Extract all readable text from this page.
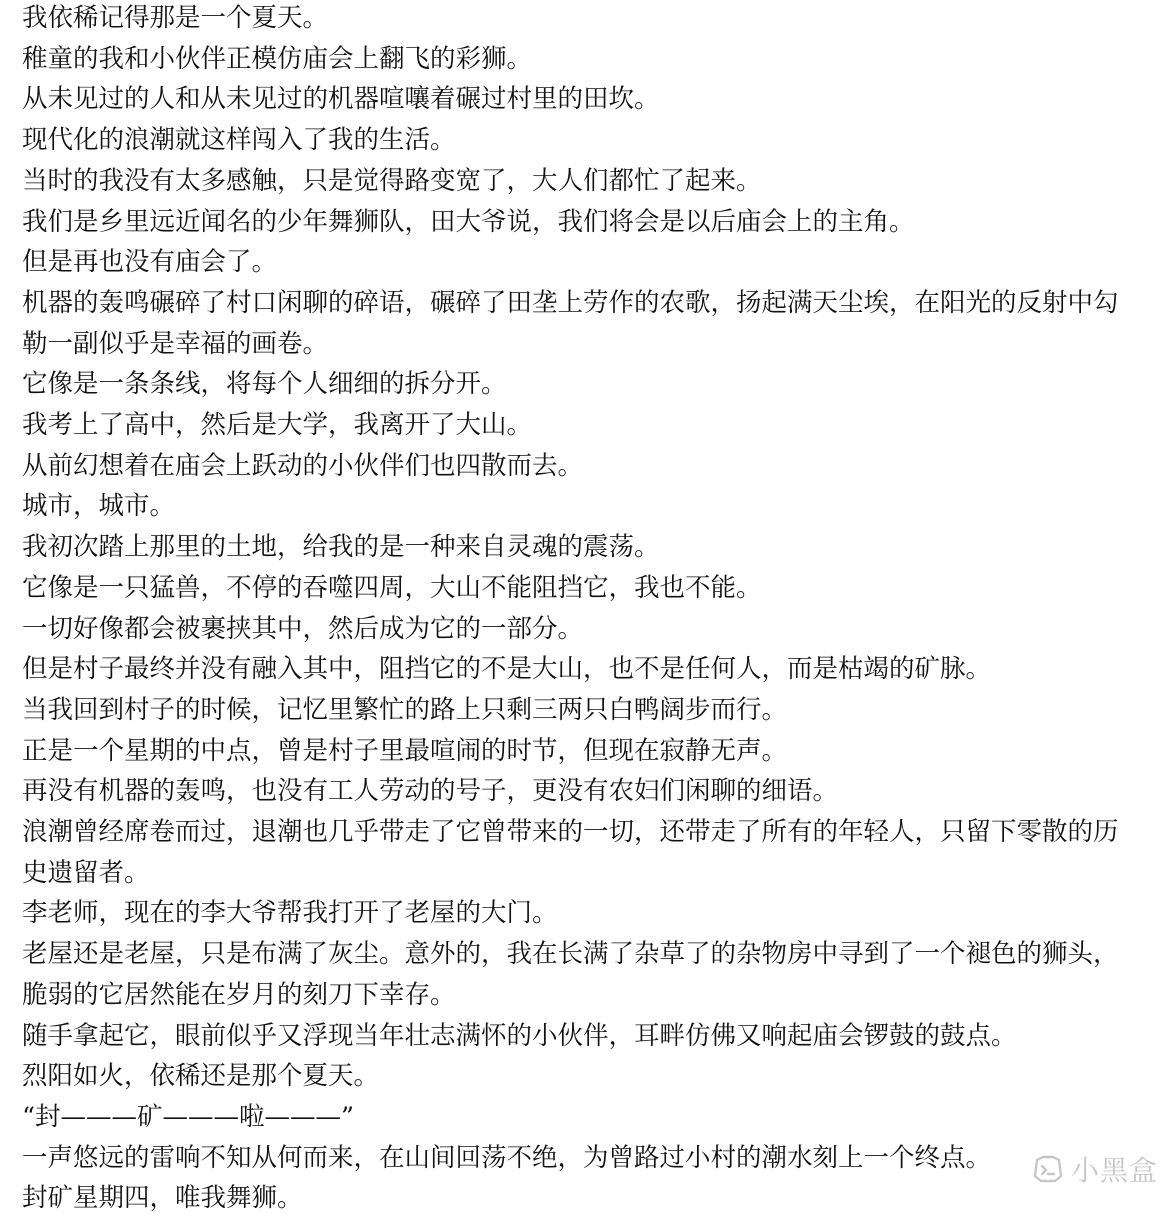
我依稀记得那是一个夏天。

稚童的我和小伙伴正模仿庙会上翻飞的彩狮。

从未见过的人和从未见过的机器喧嚷着碾过村里的田坎。

现代化的浪潮就这样闯入了我的生活。

当时的我没有太多感触，只是觉得路变宽了，大人们都忙了起来。

我们是乡里远近闻名的少年舞狮队，田大爷说，我们将会是以后庙会上的主角。

但是再也没有庙会了。

机器的轰鸣碾碎了村口闲聊的碎语，碾碎了田垄上劳作的农歌，扬起满天尘埃，在阳光的反射中勾勒一副似乎是幸福的画卷。

它像是一条条线，将每个人细细的拆分开。

我考上了高中，然后是大学，我离开了大山。

从前幻想着在庙会上跃动的小伙伴们也四散而去。

城市，城市。

我初次踏上那里的土地，给我的是一种来自灵魂的震荡。

它像是一只猛兽，不停的吞噬四周，大山不能阻挡它，我也不能。

一切好像都会被裹挟其中，然后成为它的一部分。

但是村子最终并没有融入其中，阻挡它的不是大山，也不是任何人，而是枯竭的矿脉。

当我回到村子的时候，记忆里繁忙的路上只剩三两只白鸭阔步而行。

正是一个星期的中点，曾是村子里最喧闹的时节，但现在寂静无声。

再没有机器的轰鸣，也没有工人劳动的号子，更没有农妇们闲聊的细语。

浪潮曾经席卷而过，退潮也几乎带走了它曾带来的一切，还带走了所有的年轻人，只留下零散的历史遗留者。

李老师，现在的李大爷帮我打开了老屋的大门。

老屋还是老屋，只是布满了灰尘。意外的，我在长满了杂草了的杂物房中寻到了一个褪色的狮头，脆弱的它居然能在岁月的刻刀下幸存。

随手拿起它，眼前似乎又浮现当年壮志满怀的小伙伴，耳畔仿佛又响起庙会锣鼓的鼓点。

烈阳如火，依稀还是那个夏天。

“封———矿———啦———”

一声悠远的雷响不知从何而来，在山间回荡不绝，为曾路过小村的潮水刻上一个终点。

封矿星期四，唯我舞狮。

小黑盒
